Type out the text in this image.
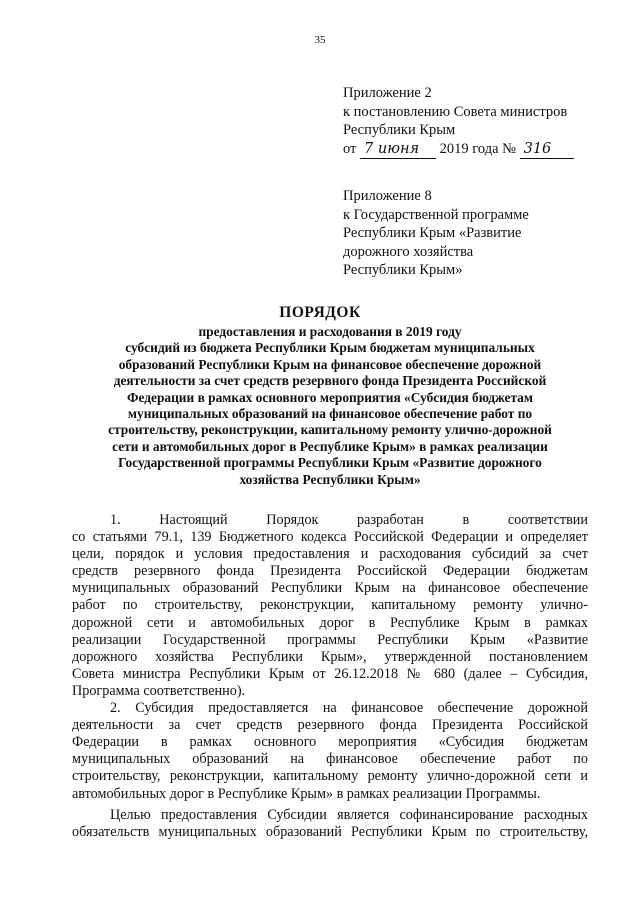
35
Приложение 2
к постановлению Совета министров
Республики Крым
от 7 июня 2019 года № 316
Приложение 8
к Государственной программе
Республики Крым «Развитие
дорожного хозяйства
Республики Крым»
ПОРЯДОК
предоставления и расходования в 2019 году
субсидий из бюджета Республики Крым бюджетам муниципальных
образований Республики Крым на финансовое обеспечение дорожной
деятельности за счет средств резервного фонда Президента Российской
Федерации в рамках основного мероприятия «Субсидия бюджетам
муниципальных образований на финансовое обеспечение работ по
строительству, реконструкции, капитальному ремонту улично-дорожной
сети и автомобильных дорог в Республике Крым» в рамках реализации
Государственной программы Республики Крым «Развитие дорожного
хозяйства Республики Крым»
1. Настоящий Порядок разработан в соответствии
со статьями 79.1, 139 Бюджетного кодекса Российской Федерации и определяет
цели, порядок и условия предоставления и расходования субсидий за счет
средств резервного фонда Президента Российской Федерации бюджетам
муниципальных образований Республики Крым на финансовое обеспечение
работ по строительству, реконструкции, капитальному ремонту улично-
дорожной сети и автомобильных дорог в Республике Крым в рамках
реализации Государственной программы Республики Крым «Развитие
дорожного хозяйства Республики Крым», утвержденной постановлением
Совета министра Республики Крым от 26.12.2018 № 680 (далее – Субсидия,
Программа соответственно).
2. Субсидия предоставляется на финансовое обеспечение дорожной
деятельности за счет средств резервного фонда Президента Российской
Федерации в рамках основного мероприятия «Субсидия бюджетам
муниципальных образований на финансовое обеспечение работ по
строительству, реконструкции, капитальному ремонту улично-дорожной сети и
автомобильных дорог в Республике Крым» в рамках реализации Программы.
Целью предоставления Субсидии является софинансирование расходных
обязательств муниципальных образований Республики Крым по строительству,
